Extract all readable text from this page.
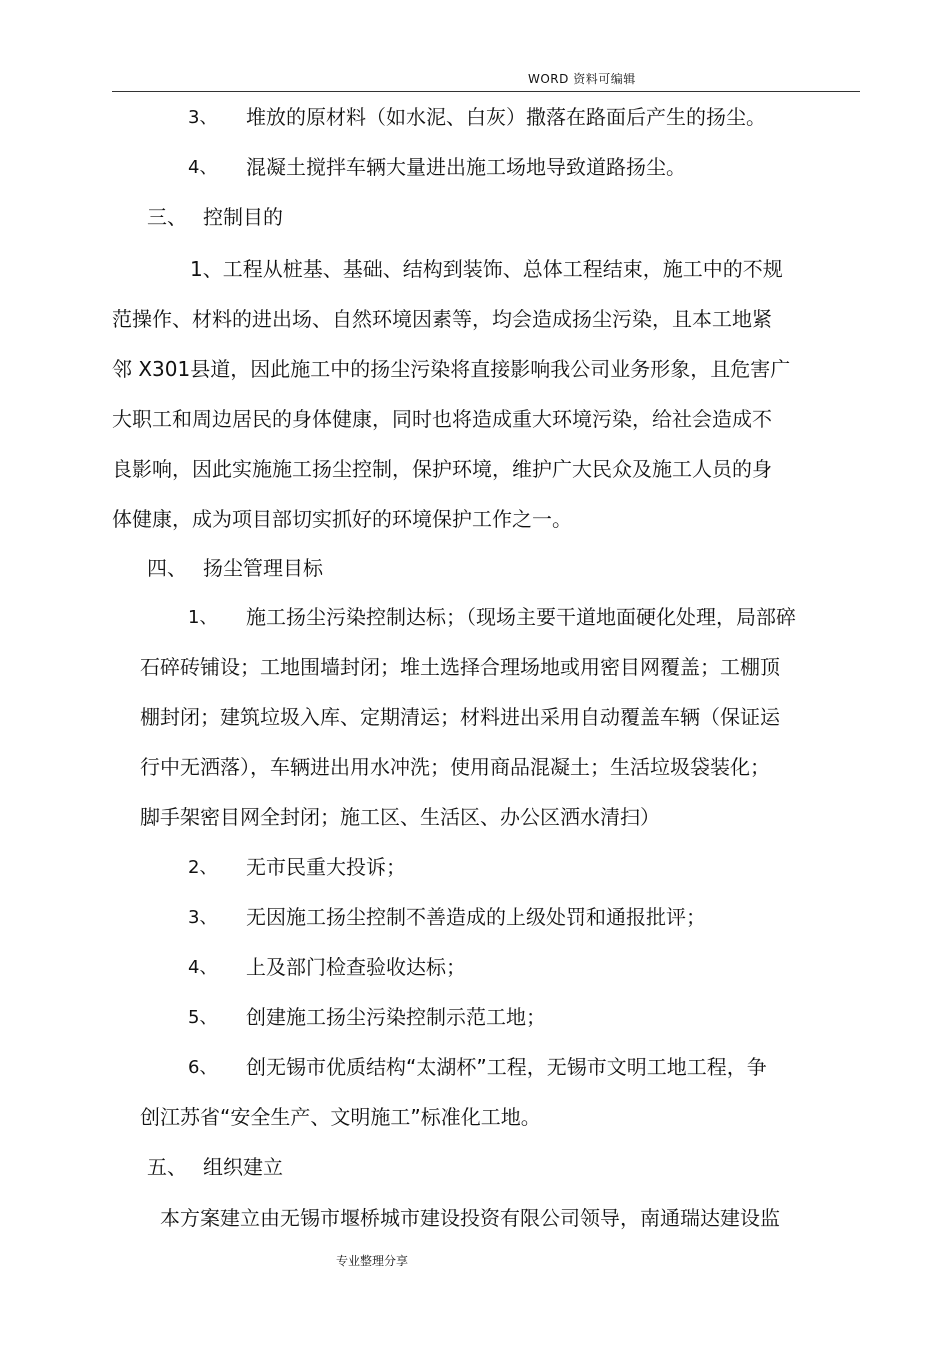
WORD 资料可编辑
3、 堆放的原材料（如水泥、白灰）撒落在路面后产生的扬尘。
4、 混凝土搅拌车辆大量进出施工场地导致道路扬尘。
三、 控制目的
1、工程从桩基、基础、结构到装饰、总体工程结束，施工中的不规
范操作、材料的进出场、自然环境因素等，均会造成扬尘污染，且本工地紧
邻 X301县道，因此施工中的扬尘污染将直接影响我公司业务形象，且危害广
大职工和周边居民的身体健康，同时也将造成重大环境污染，给社会造成不
良影响，因此实施施工扬尘控制，保护环境，维护广大民众及施工人员的身
体健康，成为项目部切实抓好的环境保护工作之一。
四、 扬尘管理目标
1、 施工扬尘污染控制达标；（现场主要干道地面硬化处理，局部碎
石碎砖铺设；工地围墙封闭；堆土选择合理场地或用密目网覆盖；工棚顶
棚封闭；建筑垃圾入库、定期清运；材料进出采用自动覆盖车辆（保证运
行中无洒落），车辆进出用水冲洗；使用商品混凝土；生活垃圾袋装化；
脚手架密目网全封闭；施工区、生活区、办公区洒水清扫）
2、 无市民重大投诉；
3、 无因施工扬尘控制不善造成的上级处罚和通报批评；
4、 上及部门检查验收达标；
5、 创建施工扬尘污染控制示范工地；
6、 创无锡市优质结构“太湖杯”工程，无锡市文明工地工程，争
创江苏省“安全生产、文明施工”标准化工地。
五、 组织建立
本方案建立由无锡市堰桥城市建设投资有限公司领导，南通瑞达建设监
专业整理分享
